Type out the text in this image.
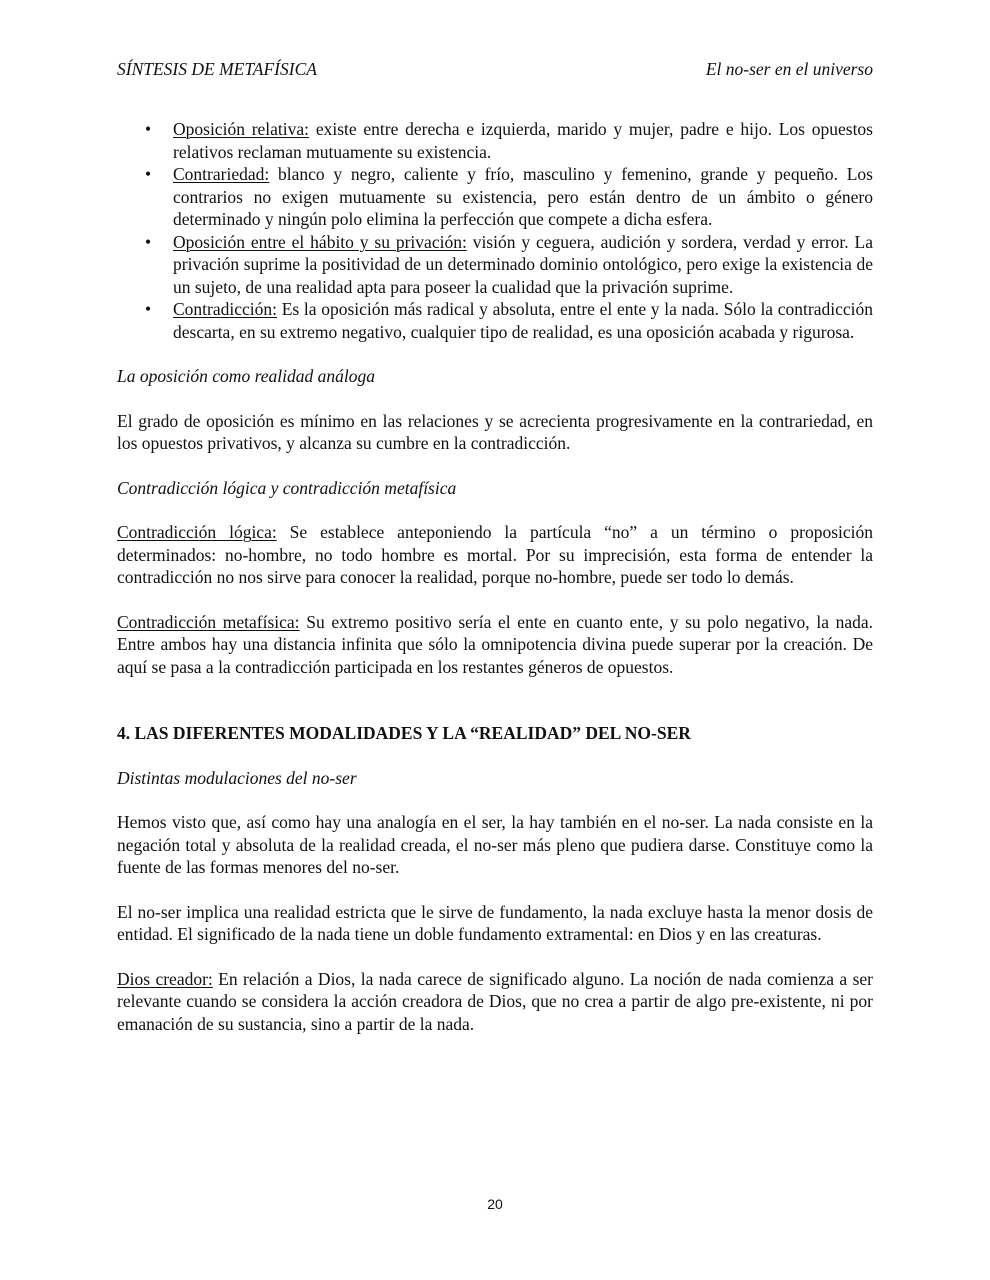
SÍNTESIS DE METAFÍSICA	El no-ser en el universo
• Oposición relativa: existe entre derecha e izquierda, marido y mujer, padre e hijo. Los opuestos relativos reclaman mutuamente su existencia.
• Contrariedad: blanco y negro, caliente y frío, masculino y femenino, grande y pequeño. Los contrarios no exigen mutuamente su existencia, pero están dentro de un ámbito o género determinado y ningún polo elimina la perfección que compete a dicha esfera.
• Oposición entre el hábito y su privación: visión y ceguera, audición y sordera, verdad y error. La privación suprime la positividad de un determinado dominio ontológico, pero exige la existencia de un sujeto, de una realidad apta para poseer la cualidad que la privación suprime.
• Contradicción: Es la oposición más radical y absoluta, entre el ente y la nada. Sólo la contradicción descarta, en su extremo negativo, cualquier tipo de realidad, es una oposición acabada y rigurosa.

La oposición como realidad análoga

El grado de oposición es mínimo en las relaciones y se acrecienta progresivamente en la contrariedad, en los opuestos privativos, y alcanza su cumbre en la contradicción.

Contradicción lógica y contradicción metafísica

Contradicción lógica: Se establece anteponiendo la partícula “no” a un término o proposición determinados: no-hombre, no todo hombre es mortal. Por su imprecisión, esta forma de entender la contradicción no nos sirve para conocer la realidad, porque no-hombre, puede ser todo lo demás.

Contradicción metafísica: Su extremo positivo sería el ente en cuanto ente, y su polo negativo, la nada. Entre ambos hay una distancia infinita que sólo la omnipotencia divina puede superar por la creación. De aquí se pasa a la contradicción participada en los restantes géneros de opuestos.

4. LAS DIFERENTES MODALIDADES Y LA “REALIDAD” DEL NO-SER

Distintas modulaciones del no-ser

Hemos visto que, así como hay una analogía en el ser, la hay también en el no-ser. La nada consiste en la negación total y absoluta de la realidad creada, el no-ser más pleno que pudiera darse. Constituye como la fuente de las formas menores del no-ser.

El no-ser implica una realidad estricta que le sirve de fundamento, la nada excluye hasta la menor dosis de entidad. El significado de la nada tiene un doble fundamento extramental: en Dios y en las creaturas.

Dios creador: En relación a Dios, la nada carece de significado alguno. La noción de nada comienza a ser relevante cuando se considera la acción creadora de Dios, que no crea a partir de algo pre-existente, ni por emanación de su sustancia, sino a partir de la nada.

20
